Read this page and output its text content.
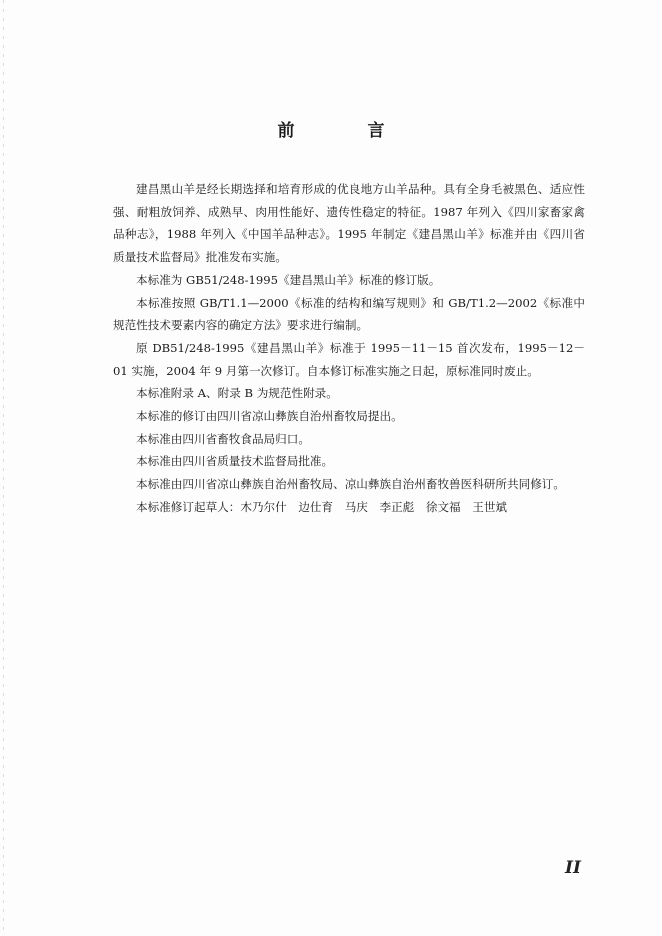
前　言

建昌黑山羊是经长期选择和培育形成的优良地方山羊品种。具有全身毛被黑色、适应性强、耐粗放饲养、成熟早、肉用性能好、遗传性稳定的特征。1987 年列入《四川家畜家禽品种志》，1988 年列入《中国羊品种志》。1995 年制定《建昌黑山羊》标准并由《四川省质量技术监督局》批准发布实施。

本标准为 GB51/248-1995《建昌黑山羊》标准的修订版。

本标准按照 GB/T1.1—2000《标准的结构和编写规则》和 GB/T1.2—2002《标准中规范性技术要素内容的确定方法》要求进行编制。

原 DB51/248-1995《建昌黑山羊》标准于 1995－11－15 首次发布，1995－12－01 实施，2004 年 9 月第一次修订。自本修订标准实施之日起，原标准同时废止。

本标准附录 A、附录 B 为规范性附录。

本标准的修订由四川省凉山彝族自治州畜牧局提出。

本标准由四川省畜牧食品局归口。

本标准由四川省质量技术监督局批准。

本标准由四川省凉山彝族自治州畜牧局、凉山彝族自治州畜牧兽医科研所共同修订。

本标准修订起草人：木乃尔什　边仕育　马庆　李正彪　徐文福　王世斌

II
